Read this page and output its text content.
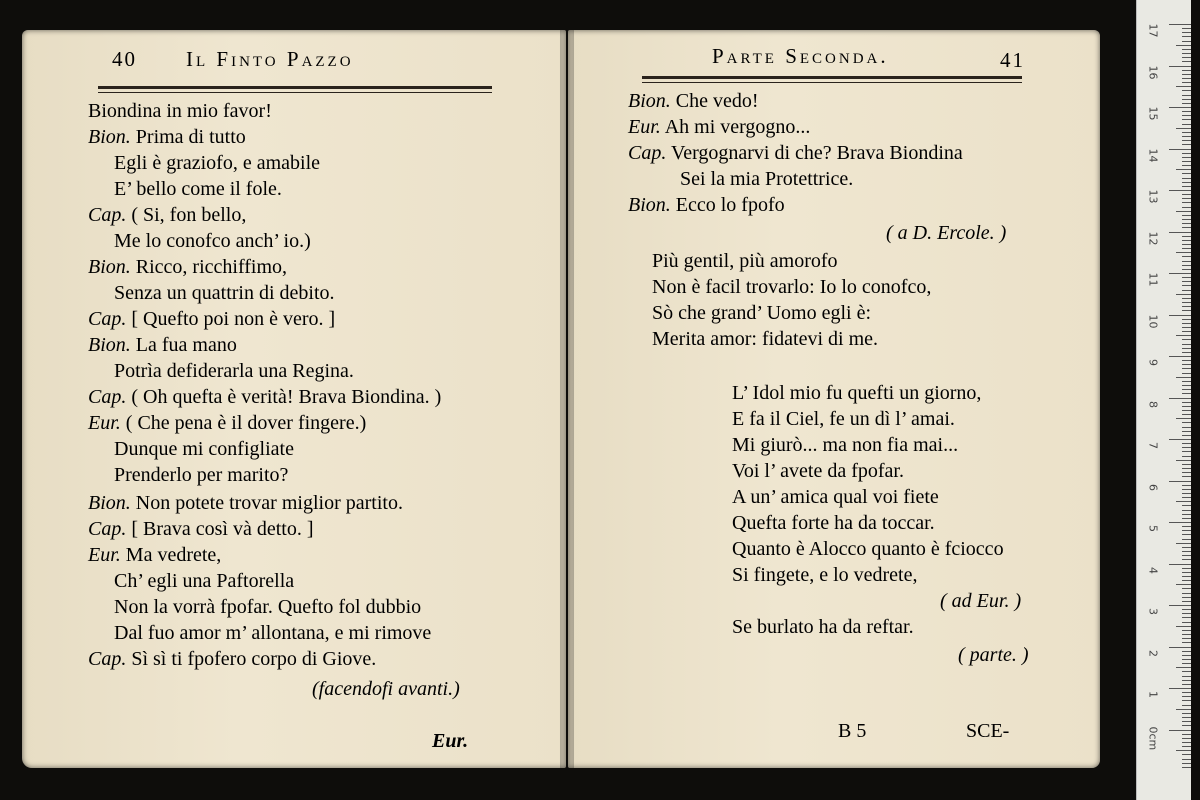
40 Il Finto Pazzo	Parte Seconda.	41
Biondina in mio favor!
Bion. Prima di tutto
Egli è graziofo, e amabile
E’ bello come il fole.
Cap. ( Si, fon bello,
Me lo conofco anch’ io.)
Bion. Ricco, ricchiffimo,
Senza un quattrin di debito.
Cap. [ Quefto poi non è vero. ]
Bion. La fua mano
Potrìa defiderarla una Regina.
Cap. ( Oh quefta è verità! Brava Biondina. )
Eur. ( Che pena è il dover fingere.)
Dunque mi configliate
Prenderlo per marito?
Bion. Non potete trovar miglior partito.
Cap. [ Brava così và detto. ]
Eur. Ma vedrete,
Ch’ egli una Paftorella
Non la vorrà fpofar. Quefto fol dubbio
Dal fuo amor m’ allontana, e mi rimove
Cap. Sì sì ti fpofero corpo di Giove.
(facendofi avanti.)
Bion. Che vedo!
Eur. Ah mi vergogno...
Cap. Vergognarvi di che? Brava Biondina
Sei la mia Protettrice.
Bion. Ecco lo fpofo
( a D. Ercole. )
Più gentil, più amorofo
Non è facil trovarlo: Io lo conofco,
Sò che grand’ Uomo egli è:
Merita amor: fidatevi di me.
L’ Idol mio fu quefti un giorno,
E fa il Ciel, fe un dì l’ amai.
Mi giurò... ma non fia mai...
Voi l’ avete da fpofar.
A un’ amica qual voi fiete
Quefta forte ha da toccar.
Quanto è Alocco quanto è fciocco
Si fingete, e lo vedrete,
( ad Eur. )
Se burlato ha da reftar.
( parte. )
Eur.	B 5	SCE-
17
16
15
14
13
12
11
10
9
8
7
6
5
4
3
2
1
0cm
